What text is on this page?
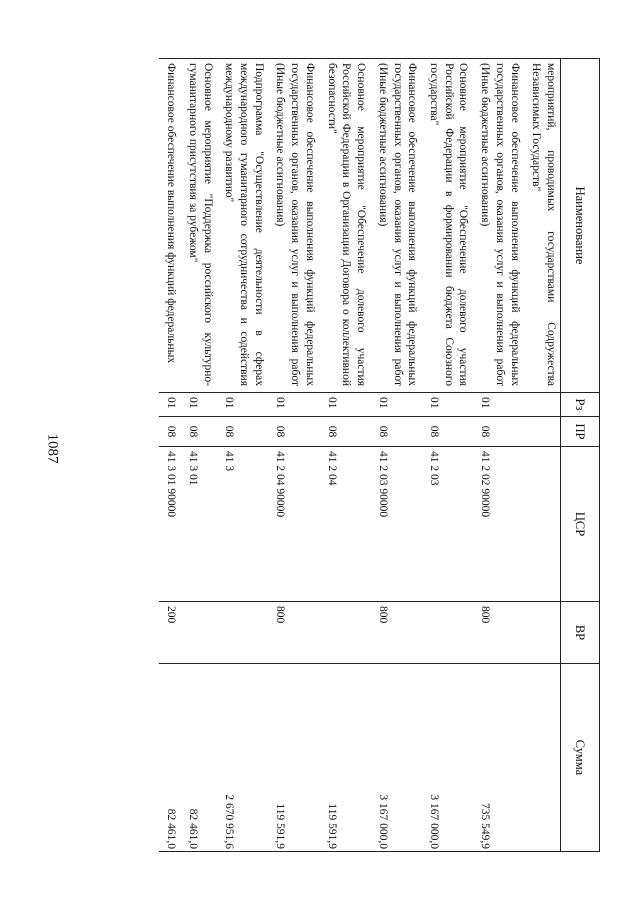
1087
Наименование	Рз	ПР	ЦСР	ВР	Сумма
мероприятий, проводимых государствами Содружества Независимых Государств"					
Финансовое обеспечение выполнения функций федеральных государственных органов, оказания услуг и выполнения работ (Иные бюджетные ассигнования)	01	08	41 2 02 90000	800	735 549,9
Основное мероприятие "Обеспечение долевого участия Российской Федерации в формировании бюджета Союзного государства"	01	08	41 2 03		3 167 000,0
Финансовое обеспечение выполнения функций федеральных государственных органов, оказания услуг и выполнения работ (Иные бюджетные ассигнования)	01	08	41 2 03 90000	800	3 167 000,0
Основное мероприятие "Обеспечение долевого участия Российской Федерации в Организации Договора о коллективной безопасности"	01	08	41 2 04		119 591,9
Финансовое обеспечение выполнения функций федеральных государственных органов, оказания услуг и выполнения работ (Иные бюджетные ассигнования)	01	08	41 2 04 90000	800	119 591,9
Подпрограмма "Осуществление деятельности в сферах международного гуманитарного сотрудничества и содействия международному развитию"	01	08	41 3		2 670 951,6
Основное мероприятие "Поддержка российского культурно-гуманитарного присутствия за рубежом"	01	08	41 3 01		82 461,0
Финансовое обеспечение выполнения функций федеральных	01	08	41 3 01 90000	200	82 461,0
